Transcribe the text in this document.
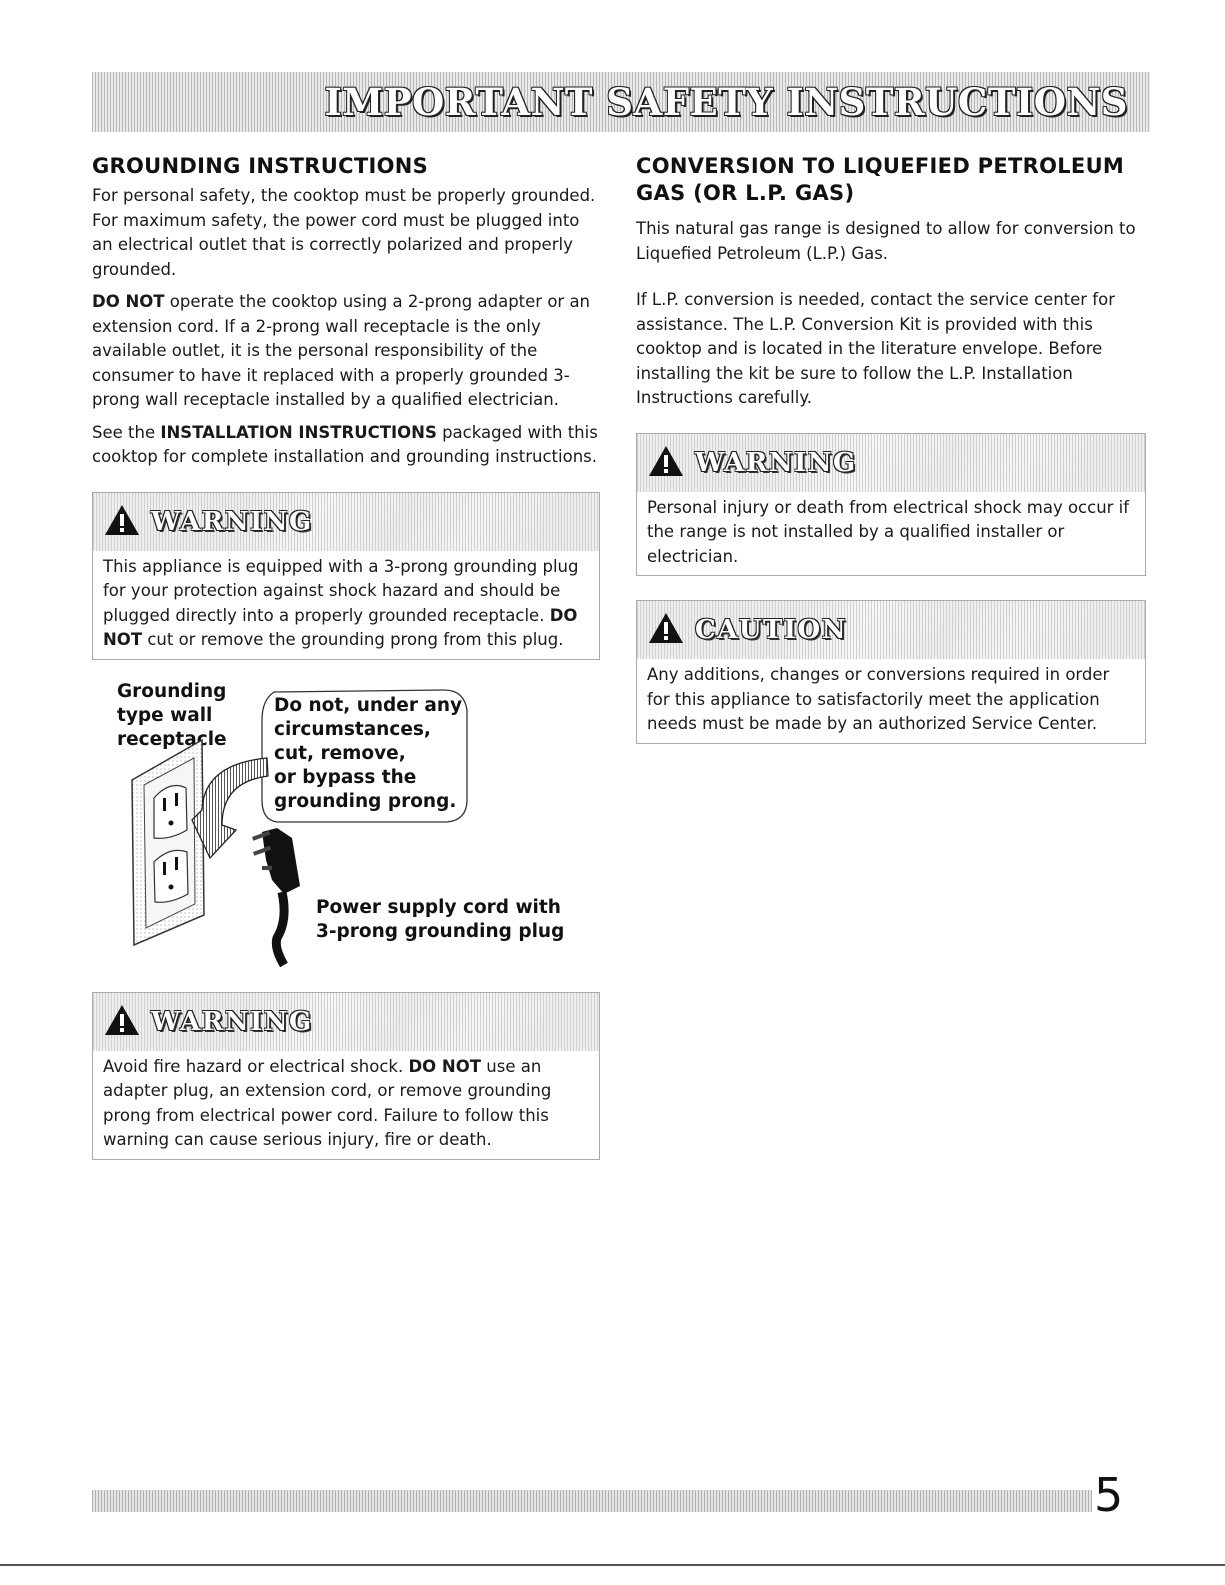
IMPORTANT SAFETY INSTRUCTIONS
GROUNDING INSTRUCTIONS

For personal safety, the cooktop must be properly grounded. For maximum safety, the power cord must be plugged into an electrical outlet that is correctly polarized and properly grounded.

DO NOT operate the cooktop using a 2-prong adapter or an extension cord. If a 2-prong wall receptacle is the only available outlet, it is the personal responsibility of the consumer to have it replaced with a properly grounded 3-prong wall receptacle installed by a qualified electrician.

See the INSTALLATION INSTRUCTIONS packaged with this cooktop for complete installation and grounding instructions.

WARNING

This appliance is equipped with a 3-prong grounding plug for your protection against shock hazard and should be plugged directly into a properly grounded receptacle. DO NOT cut or remove the grounding prong from this plug.

Grounding
type wall
receptacle
Do not, under any
circumstances,
cut, remove,
or bypass the
grounding prong.
Power supply cord with
3-prong grounding plug
WARNING

Avoid fire hazard or electrical shock. DO NOT use an adapter plug, an extension cord, or remove grounding prong from electrical power cord. Failure to follow this warning can cause serious injury, fire or death.

CONVERSION TO LIQUEFIED PETROLEUM GAS (OR L.P. GAS)

This natural gas range is designed to allow for conversion to Liquefied Petroleum (L.P.) Gas.

If L.P. conversion is needed, contact the service center for assistance. The L.P. Conversion Kit is provided with this cooktop and is located in the literature envelope. Before installing the kit be sure to follow the L.P. Installation Instructions carefully.

WARNING

Personal injury or death from electrical shock may occur if the range is not installed by a qualified installer or electrician.

CAUTION

Any additions, changes or conversions required in order for this appliance to satisfactorily meet the application needs must be made by an authorized Service Center.

5
